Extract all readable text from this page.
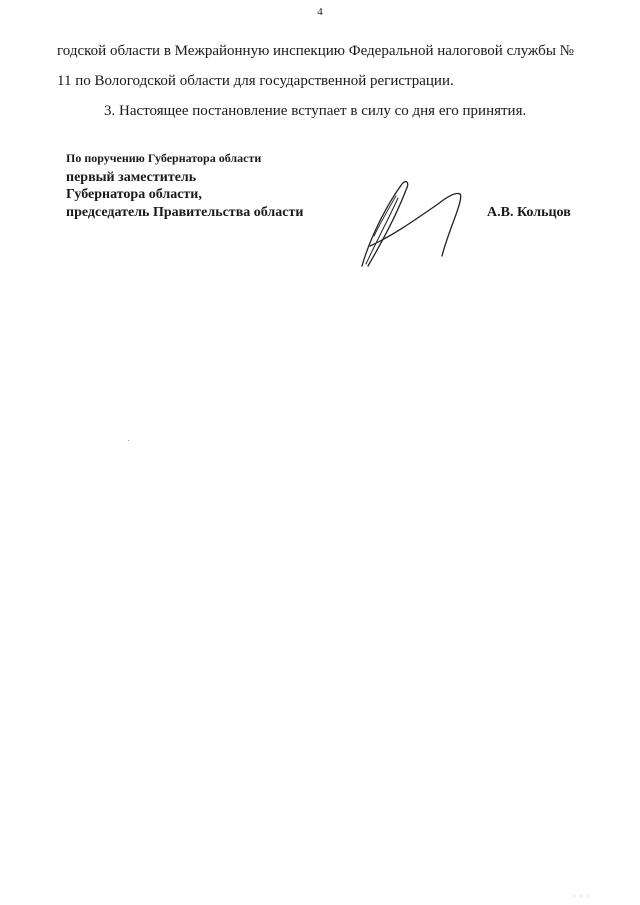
4
годской области в Межрайонную инспекцию Федеральной налоговой службы №
11 по Вологодской области для государственной регистрации.
3. Настоящее постановление вступает в силу со дня его принятия.
По поручению Губернатора области
первый заместитель
Губернатора области,
председатель Правительства области	А.В. Кольцов
· · ·
